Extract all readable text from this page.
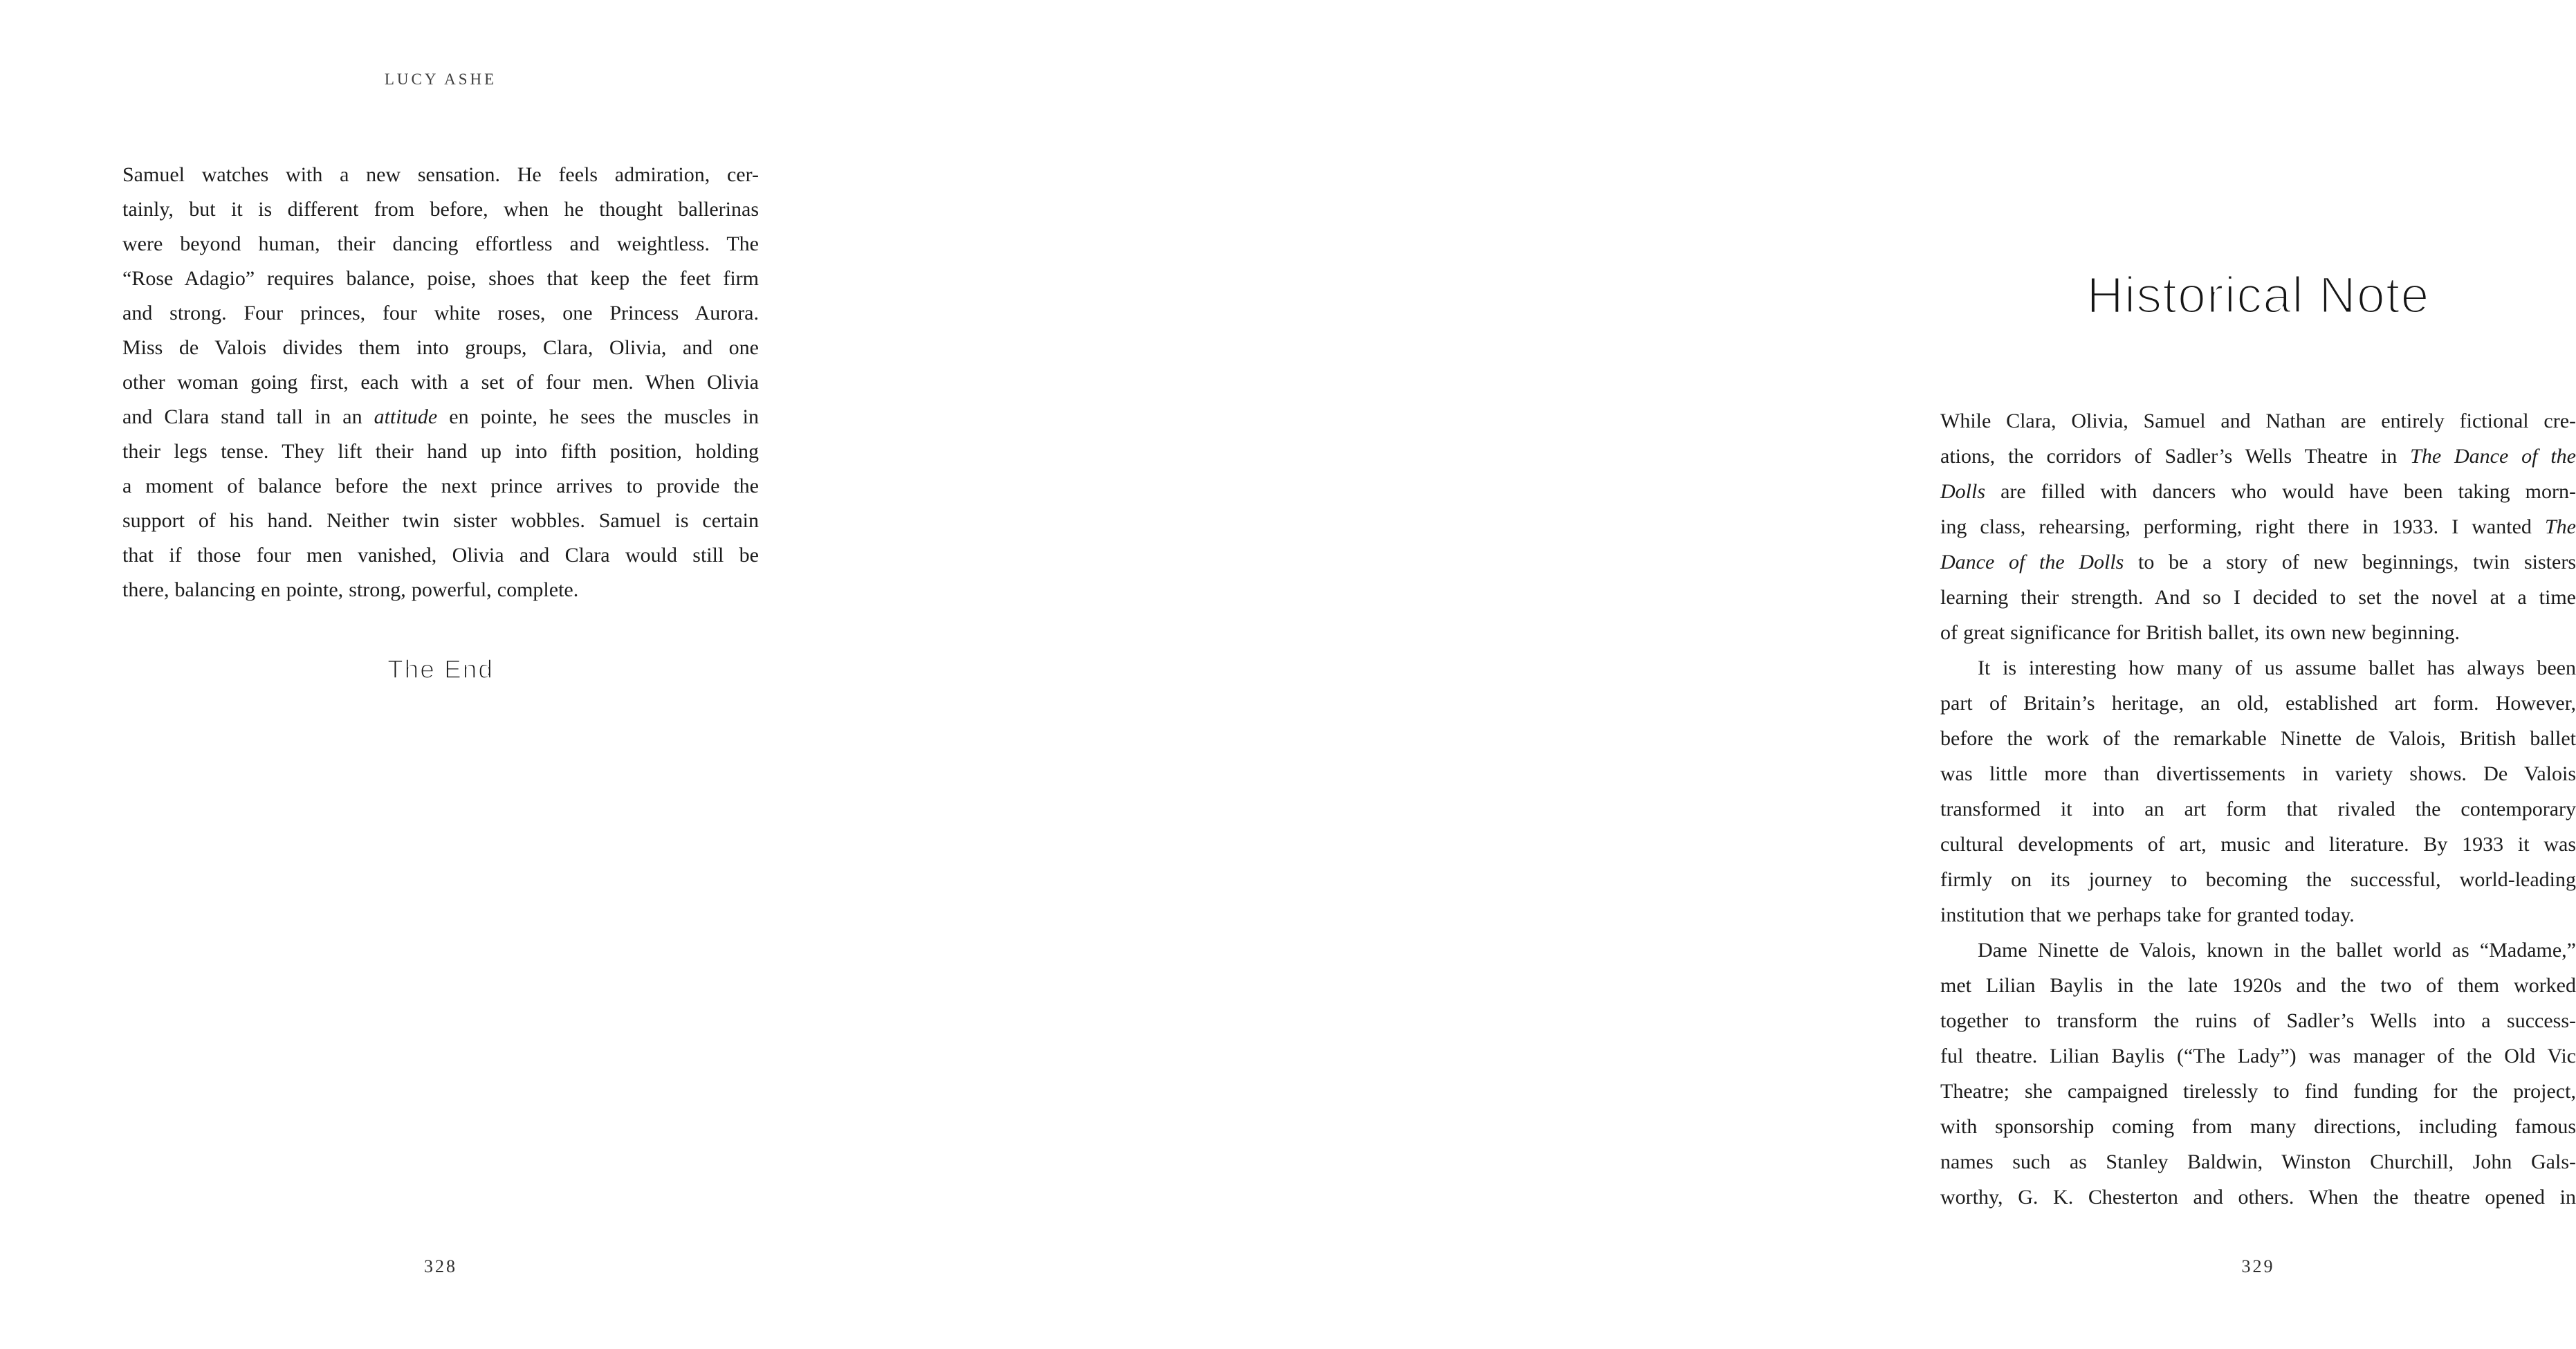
LUCY ASHE
Samuel watches with a new sensation. He feels admiration, cer-
tainly, but it is different from before, when he thought ballerinas
were beyond human, their dancing effortless and weightless. The
“Rose Adagio” requires balance, poise, shoes that keep the feet firm
and strong. Four princes, four white roses, one Princess Aurora.
Miss de Valois divides them into groups, Clara, Olivia, and one
other woman going first, each with a set of four men. When Olivia
and Clara stand tall in an attitude en pointe, he sees the muscles in
their legs tense. They lift their hand up into fifth position, holding
a moment of balance before the next prince arrives to provide the
support of his hand. Neither twin sister wobbles. Samuel is certain
that if those four men vanished, Olivia and Clara would still be
there, balancing en pointe, strong, powerful, complete.
The End
328
Historical Note
While Clara, Olivia, Samuel and Nathan are entirely fictional cre-
ations, the corridors of Sadler’s Wells Theatre in The Dance of the
Dolls are filled with dancers who would have been taking morn-
ing class, rehearsing, performing, right there in 1933. I wanted The
Dance of the Dolls to be a story of new beginnings, twin sisters
learning their strength. And so I decided to set the novel at a time
of great significance for British ballet, its own new beginning.
It is interesting how many of us assume ballet has always been
part of Britain’s heritage, an old, established art form. However,
before the work of the remarkable Ninette de Valois, British ballet
was little more than divertissements in variety shows. De Valois
transformed it into an art form that rivaled the contemporary
cultural developments of art, music and literature. By 1933 it was
firmly on its journey to becoming the successful, world-leading
institution that we perhaps take for granted today.
Dame Ninette de Valois, known in the ballet world as “Madame,”
met Lilian Baylis in the late 1920s and the two of them worked
together to transform the ruins of Sadler’s Wells into a success-
ful theatre. Lilian Baylis (“The Lady”) was manager of the Old Vic
Theatre; she campaigned tirelessly to find funding for the project,
with sponsorship coming from many directions, including famous
names such as Stanley Baldwin, Winston Churchill, John Gals-
worthy, G. K. Chesterton and others. When the theatre opened in
329
